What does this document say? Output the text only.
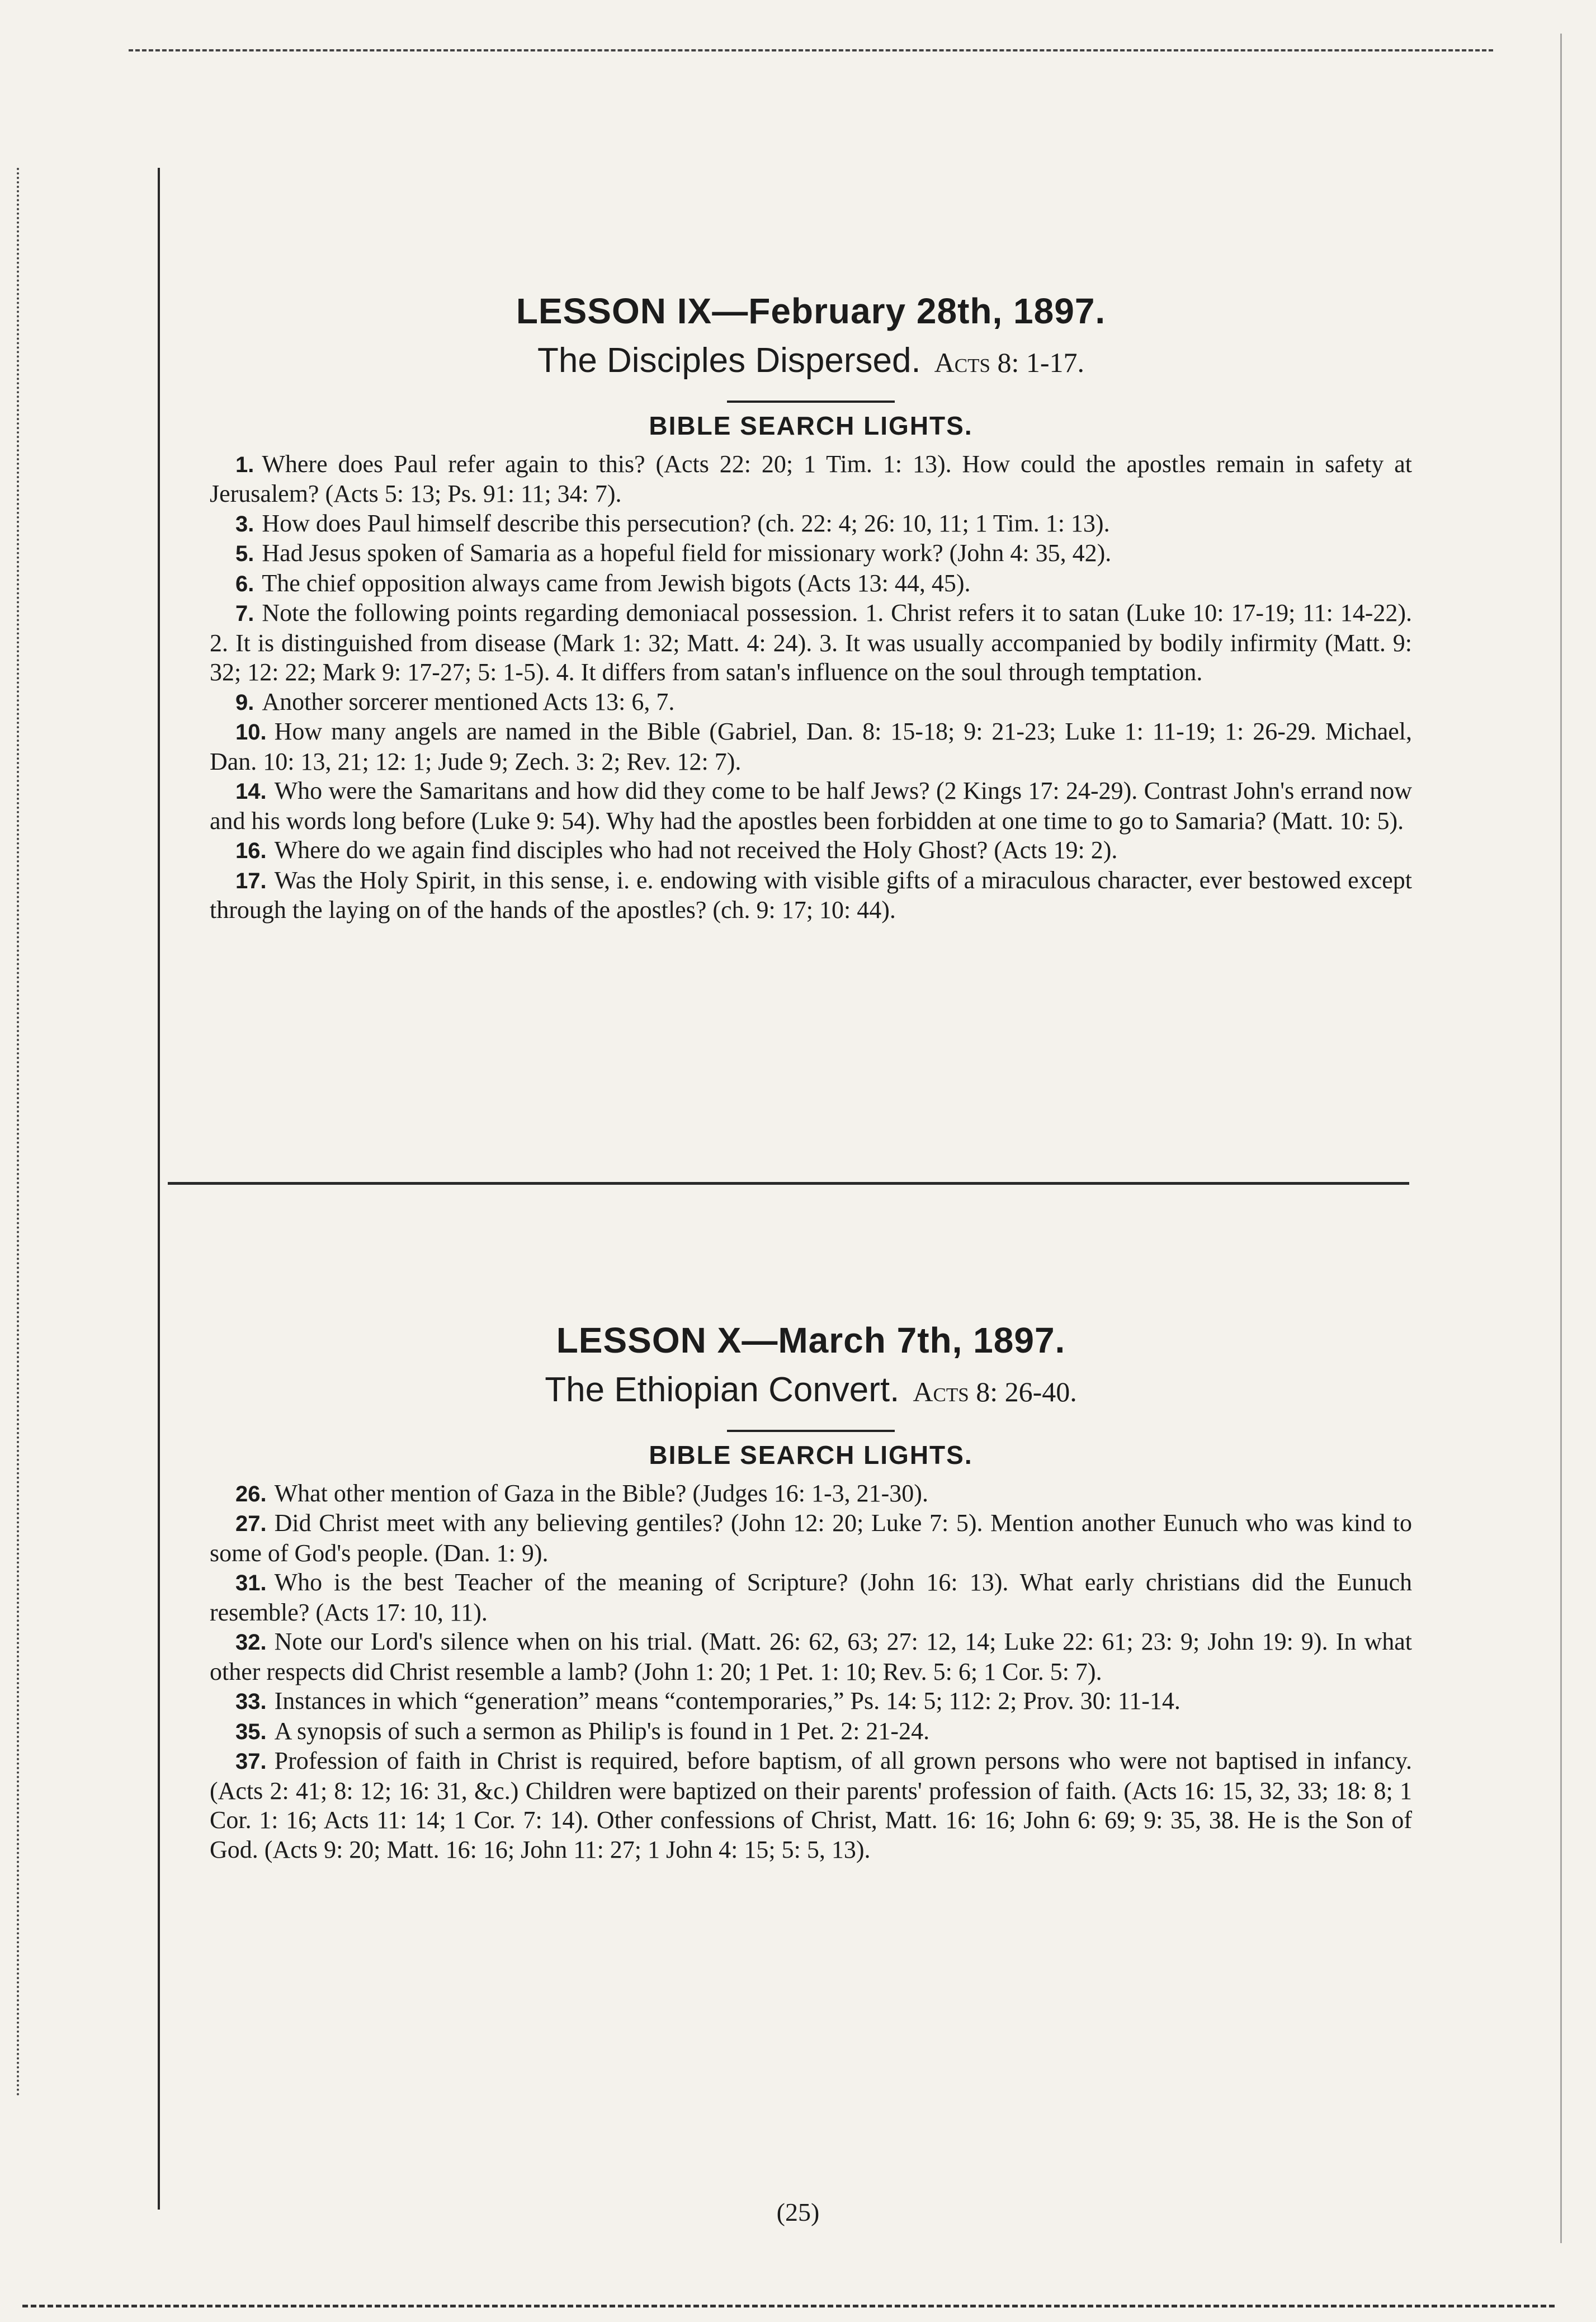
LESSON IX—February 28th, 1897.
The Disciples Dispersed. Acts 8: 1-17.
BIBLE SEARCH LIGHTS.
1. Where does Paul refer again to this? (Acts 22: 20; 1 Tim. 1: 13). How could the apostles remain in safety at Jerusalem? (Acts 5: 13; Ps. 91: 11; 34: 7).
3. How does Paul himself describe this persecution? (ch. 22: 4; 26: 10, 11; 1 Tim. 1: 13).
5. Had Jesus spoken of Samaria as a hopeful field for missionary work? (John 4: 35, 42).
6. The chief opposition always came from Jewish bigots (Acts 13: 44, 45).
7. Note the following points regarding demoniacal possession. 1. Christ refers it to satan (Luke 10: 17-19; 11: 14-22). 2. It is distinguished from disease (Mark 1: 32; Matt. 4: 24). 3. It was usually accompanied by bodily infirmity (Matt. 9: 32; 12: 22; Mark 9: 17-27; 5: 1-5). 4. It differs from satan's influence on the soul through temptation.
9. Another sorcerer mentioned Acts 13: 6, 7.
10. How many angels are named in the Bible (Gabriel, Dan. 8: 15-18; 9: 21-23; Luke 1: 11-19; 1: 26-29. Michael, Dan. 10: 13, 21; 12: 1; Jude 9; Zech. 3: 2; Rev. 12: 7).
14. Who were the Samaritans and how did they come to be half Jews? (2 Kings 17: 24-29). Contrast John's errand now and his words long before (Luke 9: 54). Why had the apostles been forbidden at one time to go to Samaria? (Matt. 10: 5).
16. Where do we again find disciples who had not received the Holy Ghost? (Acts 19: 2).
17. Was the Holy Spirit, in this sense, i. e. endowing with visible gifts of a miraculous character, ever bestowed except through the laying on of the hands of the apostles? (ch. 9: 17; 10: 44).
LESSON X—March 7th, 1897.
The Ethiopian Convert. Acts 8: 26-40.
BIBLE SEARCH LIGHTS.
26. What other mention of Gaza in the Bible? (Judges 16: 1-3, 21-30).
27. Did Christ meet with any believing gentiles? (John 12: 20; Luke 7: 5). Mention another Eunuch who was kind to some of God's people. (Dan. 1: 9).
31. Who is the best Teacher of the meaning of Scripture? (John 16: 13). What early christians did the Eunuch resemble? (Acts 17: 10, 11).
32. Note our Lord's silence when on his trial. (Matt. 26: 62, 63; 27: 12, 14; Luke 22: 61; 23: 9; John 19: 9). In what other respects did Christ resemble a lamb? (John 1: 20; 1 Pet. 1: 10; Rev. 5: 6; 1 Cor. 5: 7).
33. Instances in which “generation” means “contemporaries,” Ps. 14: 5; 112: 2; Prov. 30: 11-14.
35. A synopsis of such a sermon as Philip's is found in 1 Pet. 2: 21-24.
37. Profession of faith in Christ is required, before baptism, of all grown persons who were not baptised in infancy. (Acts 2: 41; 8: 12; 16: 31, &c.) Children were baptized on their parents' profession of faith. (Acts 16: 15, 32, 33; 18: 8; 1 Cor. 1: 16; Acts 11: 14; 1 Cor. 7: 14). Other confessions of Christ, Matt. 16: 16; John 6: 69; 9: 35, 38. He is the Son of God. (Acts 9: 20; Matt. 16: 16; John 11: 27; 1 John 4: 15; 5: 5, 13).
(25)
